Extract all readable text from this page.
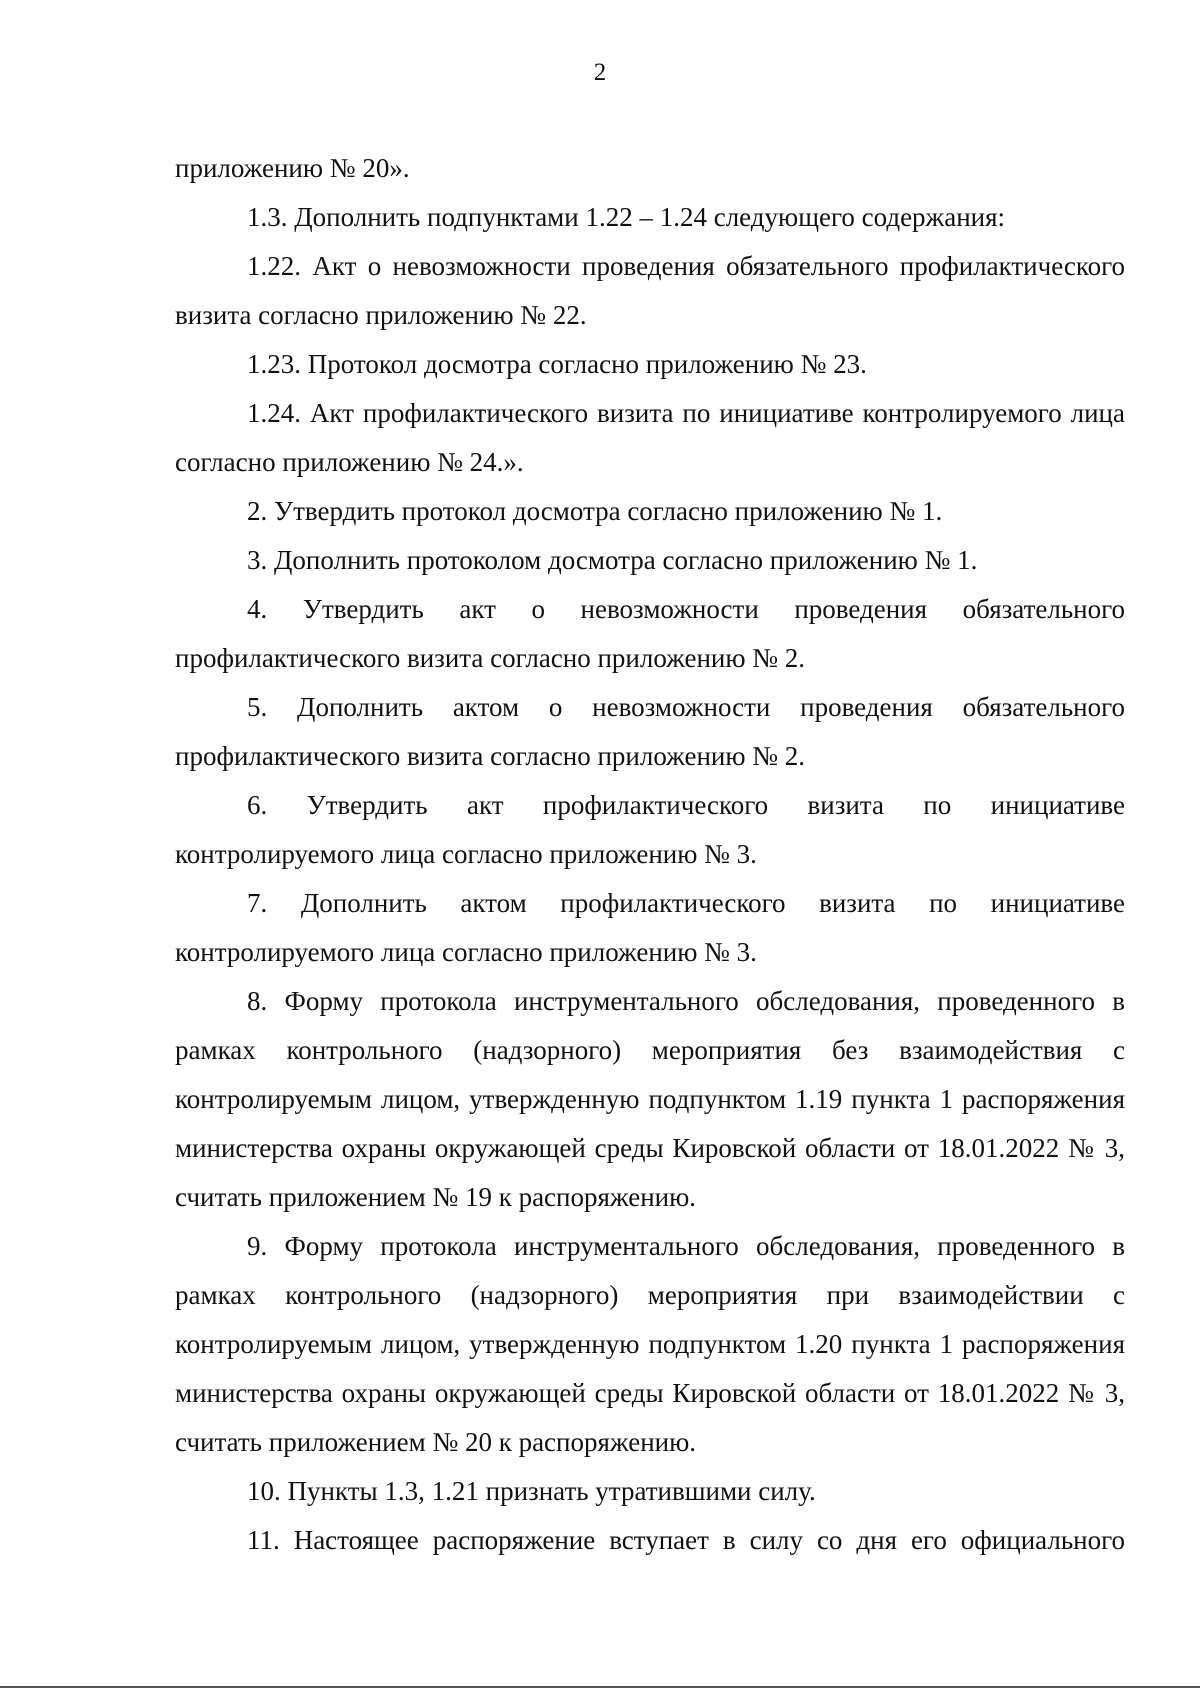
2

приложению № 20».

1.3. Дополнить подпунктами 1.22 – 1.24 следующего содержания:

1.22. Акт о невозможности проведения обязательного профилактического визита согласно приложению № 22.

1.23. Протокол досмотра согласно приложению № 23.

1.24. Акт профилактического визита по инициативе контролируемого лица согласно приложению № 24.».

2. Утвердить протокол досмотра согласно приложению № 1.

3. Дополнить протоколом досмотра согласно приложению № 1.

4. Утвердить акт о невозможности проведения обязательного профилактического визита согласно приложению № 2.

5. Дополнить актом о невозможности проведения обязательного профилактического визита согласно приложению № 2.

6. Утвердить акт профилактического визита по инициативе контролируемого лица согласно приложению № 3.

7. Дополнить актом профилактического визита по инициативе контролируемого лица согласно приложению № 3.

8. Форму протокола инструментального обследования, проведенного в рамках контрольного (надзорного) мероприятия без взаимодействия с контролируемым лицом, утвержденную подпунктом 1.19 пункта 1 распоряжения министерства охраны окружающей среды Кировской области от 18.01.2022 № 3, считать приложением № 19 к распоряжению.

9. Форму протокола инструментального обследования, проведенного в рамках контрольного (надзорного) мероприятия при взаимодействии с контролируемым лицом, утвержденную подпунктом 1.20 пункта 1 распоряжения министерства охраны окружающей среды Кировской области от 18.01.2022 № 3, считать приложением № 20 к распоряжению.

10. Пункты 1.3, 1.21 признать утратившими силу.

11. Настоящее распоряжение вступает в силу со дня его официального
